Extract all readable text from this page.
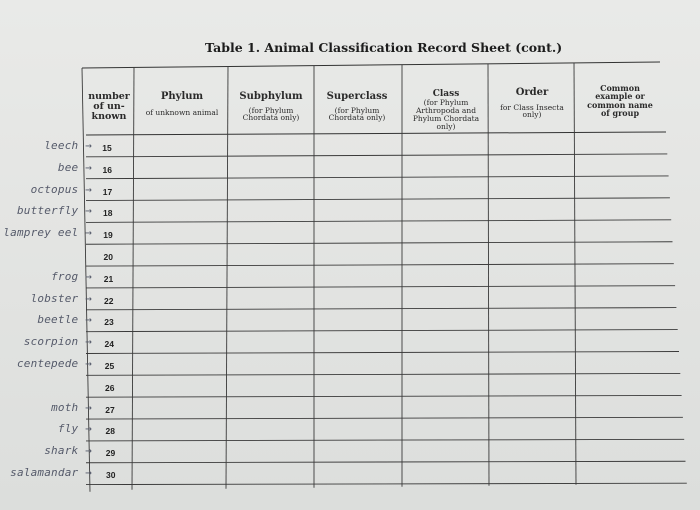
Table 1. Animal Classification Record Sheet (cont.)
number of un-known
Phylum
of unknown animal
Subphylum
(for Phylum Chordata only)
Superclass
(for Phylum Chordata only)
Class
(for Phylum Arthropoda and Phylum Chordata only)
Order
for Class Insecta only)
Common example or common name of group
15
leech →
16
bee →
17
octopus →
18
butterfly →
19
lamprey eel →
20
21
frog →
22
lobster →
23
beetle →
24
scorpion →
25
centepede →
26
27
moth →
28
fly →
29
shark →
30
salamandar →
